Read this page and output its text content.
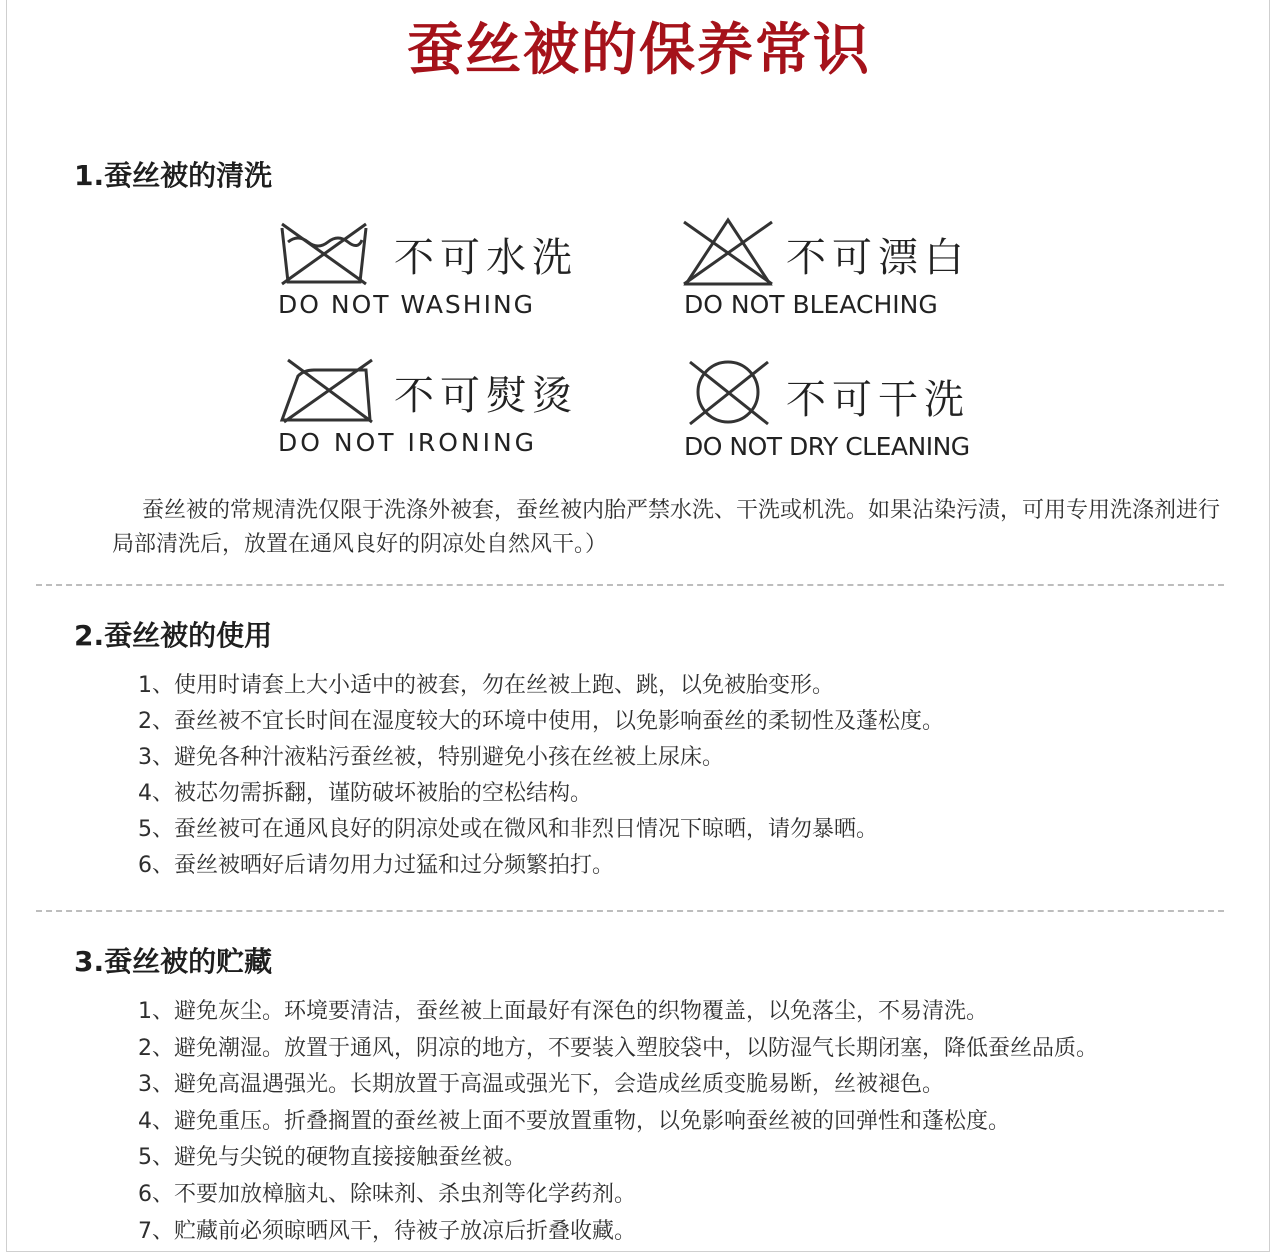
蚕丝被的保养常识
1.蚕丝被的清洗
不可水洗
DO NOT WASHING
不可漂白
DO NOT BLEACHING
不可熨烫
DO NOT IRONING
不可干洗
DO NOT DRY CLEANING
蚕丝被的常规清洗仅限于洗涤外被套，蚕丝被内胎严禁水洗、干洗或机洗。如果沾染污渍，可用专用洗涤剂进行局部清洗后，放置在通风良好的阴凉处自然风干。）
2.蚕丝被的使用
1、使用时请套上大小适中的被套，勿在丝被上跑、跳，以免被胎变形。
2、蚕丝被不宜长时间在湿度较大的环境中使用，以免影响蚕丝的柔韧性及蓬松度。
3、避免各种汁液粘污蚕丝被，特别避免小孩在丝被上尿床。
4、被芯勿需拆翻，谨防破坏被胎的空松结构。
5、蚕丝被可在通风良好的阴凉处或在微风和非烈日情况下晾晒，请勿暴晒。
6、蚕丝被晒好后请勿用力过猛和过分频繁拍打。
3.蚕丝被的贮藏
1、避免灰尘。环境要清洁，蚕丝被上面最好有深色的织物覆盖，以免落尘，不易清洗。
2、避免潮湿。放置于通风，阴凉的地方，不要装入塑胶袋中，以防湿气长期闭塞，降低蚕丝品质。
3、避免高温遇强光。长期放置于高温或强光下，会造成丝质变脆易断，丝被褪色。
4、避免重压。折叠搁置的蚕丝被上面不要放置重物，以免影响蚕丝被的回弹性和蓬松度。
5、避免与尖锐的硬物直接接触蚕丝被。
6、不要加放樟脑丸、除味剂、杀虫剂等化学药剂。
7、贮藏前必须晾晒风干，待被子放凉后折叠收藏。
